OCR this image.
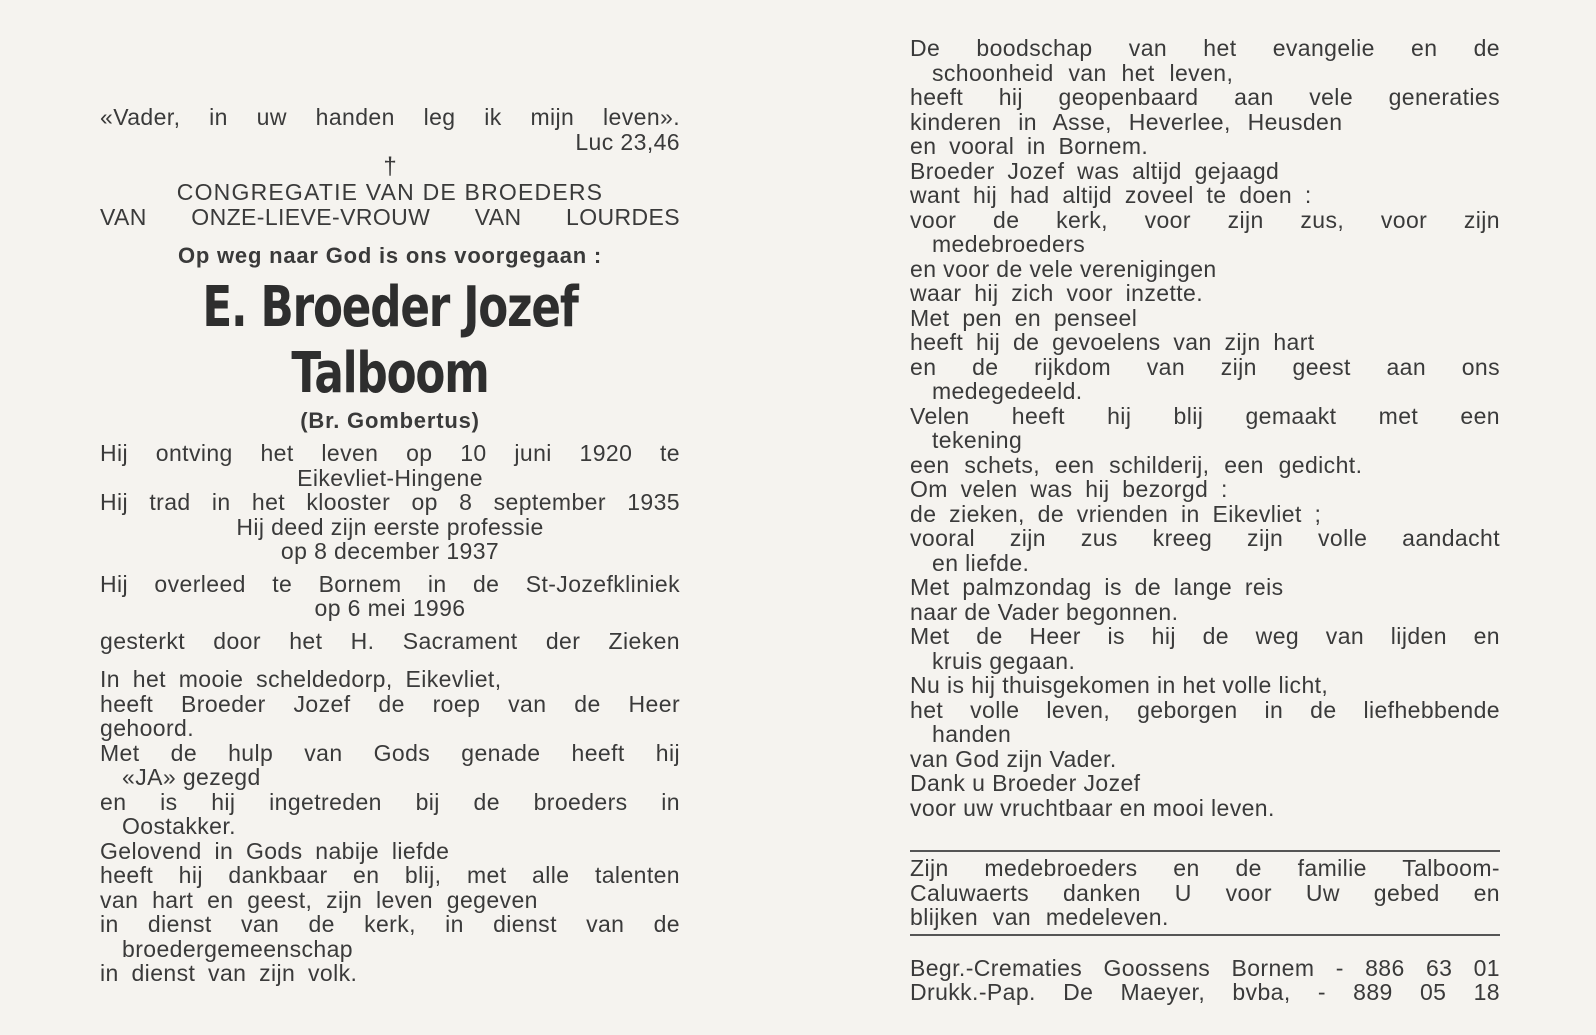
«Vader, in uw handen leg ik mijn leven».
Luc 23,46
†
CONGREGATIE VAN DE BROEDERS
VAN ONZE-LIEVE-VROUW VAN LOURDES
Op weg naar God is ons voorgegaan :
E. Broeder Jozef Talboom
(Br. Gombertus)
Hij ontving het leven op 10 juni 1920 te
Eikevliet-Hingene
Hij trad in het klooster op 8 september 1935
Hij deed zijn eerste professie
op 8 december 1937
Hij overleed te Bornem in de St-Jozefkliniek
op 6 mei 1996
gesterkt door het H. Sacrament der Zieken
In het mooie scheldedorp, Eikevliet,
heeft Broeder Jozef de roep van de Heer
gehoord.
Met de hulp van Gods genade heeft hij
«JA» gezegd
en is hij ingetreden bij de broeders in
Oostakker.
Gelovend in Gods nabije liefde
heeft hij dankbaar en blij, met alle talenten
van hart en geest, zijn leven gegeven
in dienst van de kerk, in dienst van de
broedergemeenschap
in dienst van zijn volk.
De boodschap van het evangelie en de
schoonheid van het leven,
heeft hij geopenbaard aan vele generaties
kinderen in Asse, Heverlee, Heusden
en vooral in Bornem.
Broeder Jozef was altijd gejaagd
want hij had altijd zoveel te doen :
voor de kerk, voor zijn zus, voor zijn
medebroeders
en voor de vele verenigingen
waar hij zich voor inzette.
Met pen en penseel
heeft hij de gevoelens van zijn hart
en de rijkdom van zijn geest aan ons
medegedeeld.
Velen heeft hij blij gemaakt met een
tekening
een schets, een schilderij, een gedicht.
Om velen was hij bezorgd :
de zieken, de vrienden in Eikevliet ;
vooral zijn zus kreeg zijn volle aandacht
en liefde.
Met palmzondag is de lange reis
naar de Vader begonnen.
Met de Heer is hij de weg van lijden en
kruis gegaan.
Nu is hij thuisgekomen in het volle licht,
het volle leven, geborgen in de liefhebbende
handen
van God zijn Vader.
Dank u Broeder Jozef
voor uw vruchtbaar en mooi leven.
Zijn medebroeders en de familie Talboom-
Caluwaerts danken U voor Uw gebed en
blijken van medeleven.
Begr.-Crematies Goossens Bornem - 886 63 01
Drukk.-Pap. De Maeyer, bvba, - 889 05 18
